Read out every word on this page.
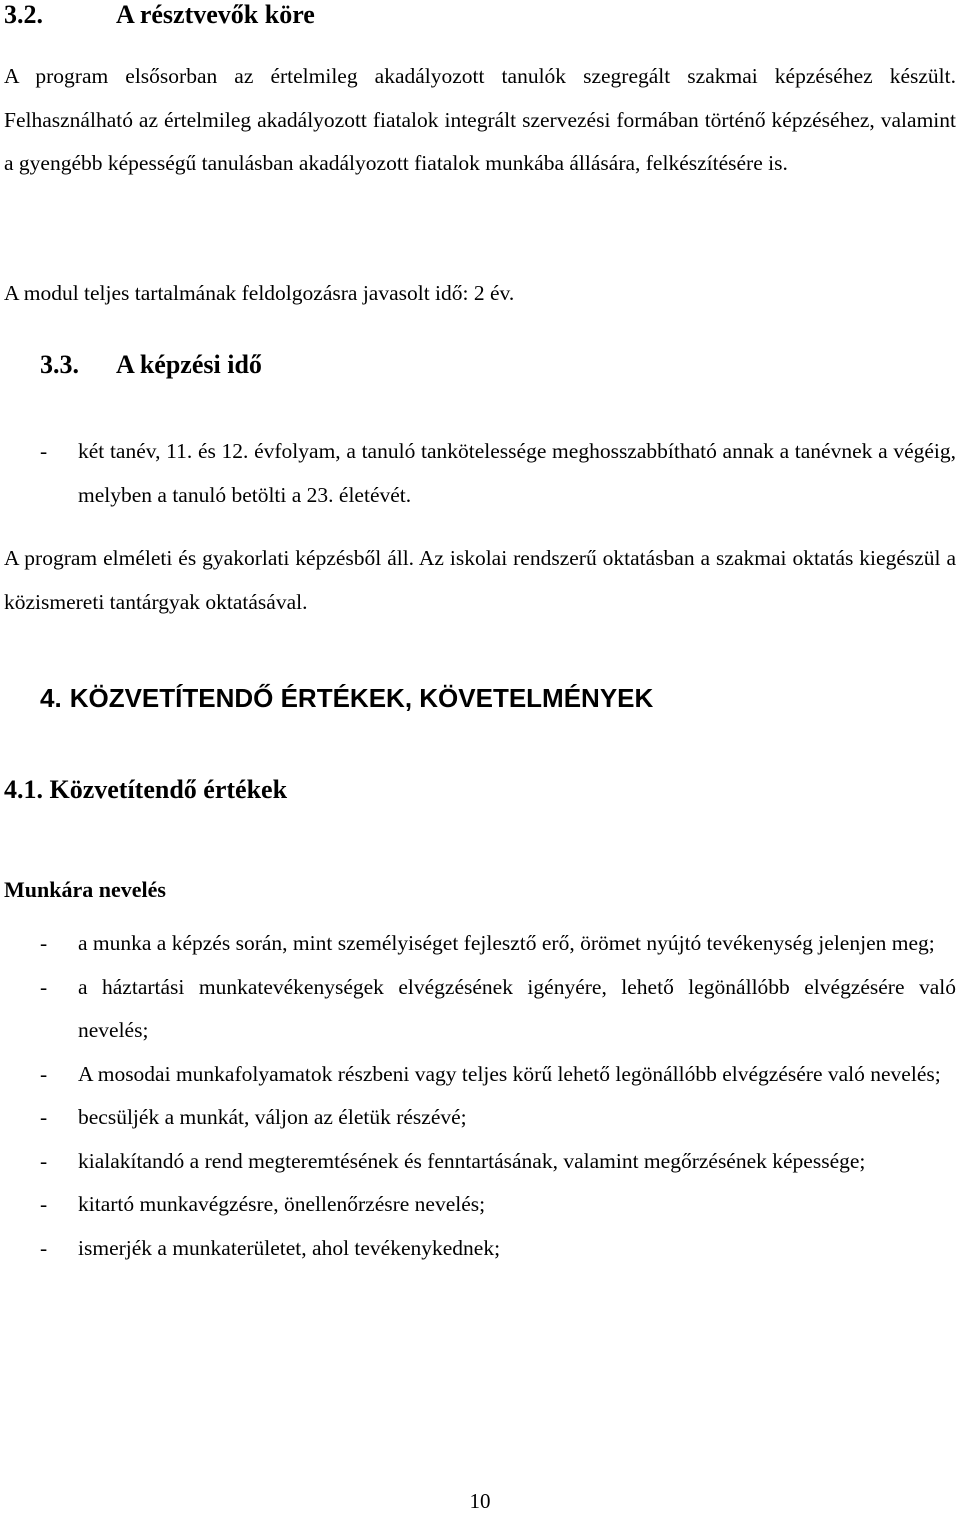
3.2.	A résztvevők köre

A program elsősorban az értelmileg akadályozott tanulók szegregált szakmai képzéséhez készült. Felhasználható az értelmileg akadályozott fiatalok integrált szervezési formában történő képzéséhez, valamint a gyengébb képességű tanulásban akadályozott fiatalok munkába állására, felkészítésére is.

A modul teljes tartalmának feldolgozásra javasolt idő: 2 év.

3.3. A képzési idő
- két tanév, 11. és 12. évfolyam, a tanuló tankötelessége meghosszabbítható annak a tanévnek a végéig, melyben a tanuló betölti a 23. életévét.

A program elméleti és gyakorlati képzésből áll. Az iskolai rendszerű oktatásban a szakmai oktatás kiegészül a közismereti tantárgyak oktatásával.

4. KÖZVETÍTENDŐ ÉRTÉKEK, KÖVETELMÉNYEK
4.1. Közvetítendő értékek
Munkára nevelés
- a munka a képzés során, mint személyiséget fejlesztő erő, örömet nyújtó tevékenység jelenjen meg;
- a háztartási munkatevékenységek elvégzésének igényére, lehető legönállóbb elvégzésére való nevelés;
- A mosodai munkafolyamatok részbeni vagy teljes körű lehető legönállóbb elvégzésére való nevelés;
- becsüljék a munkát, váljon az életük részévé;
- kialakítandó a rend megteremtésének és fenntartásának, valamint megőrzésének képessége;
- kitartó munkavégzésre, önellenőrzésre nevelés;
- ismerjék a munkaterületet, ahol tevékenykednek;
10
